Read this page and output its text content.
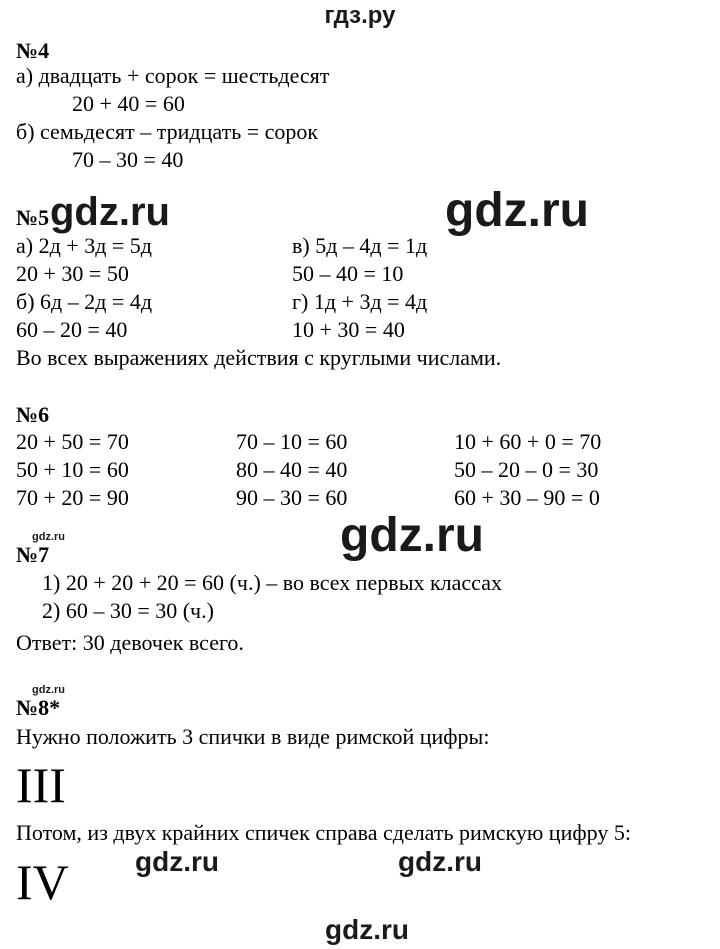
гдз.ру
№4
а) двадцать + сорок = шестьдесят
20 + 40 = 60
б) семьдесят – тридцать = сорок
70 – 30 = 40
№5 gdz.ru	gdz.ru
а) 2д + 3д = 5д
20 + 30 = 50
б) 6д – 2д = 4д
60 – 20 = 40
в) 5д – 4д = 1д
50 – 40 = 10
г) 1д + 3д = 4д
10 + 30 = 40
Во всех выражениях действия с круглыми числами.
№6
20 + 50 = 70
50 + 10 = 60
70 + 20 = 90
70 – 10 = 60
80 – 40 = 40
90 – 30 = 60
10 + 60 + 0 = 70
50 – 20 – 0 = 30
60 + 30 – 90 = 0
gdz.ru
gdz.ru
№7
1) 20 + 20 + 20 = 60 (ч.) – во всех первых классах
2) 60 – 30 = 30 (ч.)
Ответ: 30 девочек всего.
gdz.ru
№8*
Нужно положить 3 спички в виде римской цифры:
III
Потом, из двух крайних спичек справа сделать римскую цифру 5:
IV gdz.ru	gdz.ru
gdz.ru
